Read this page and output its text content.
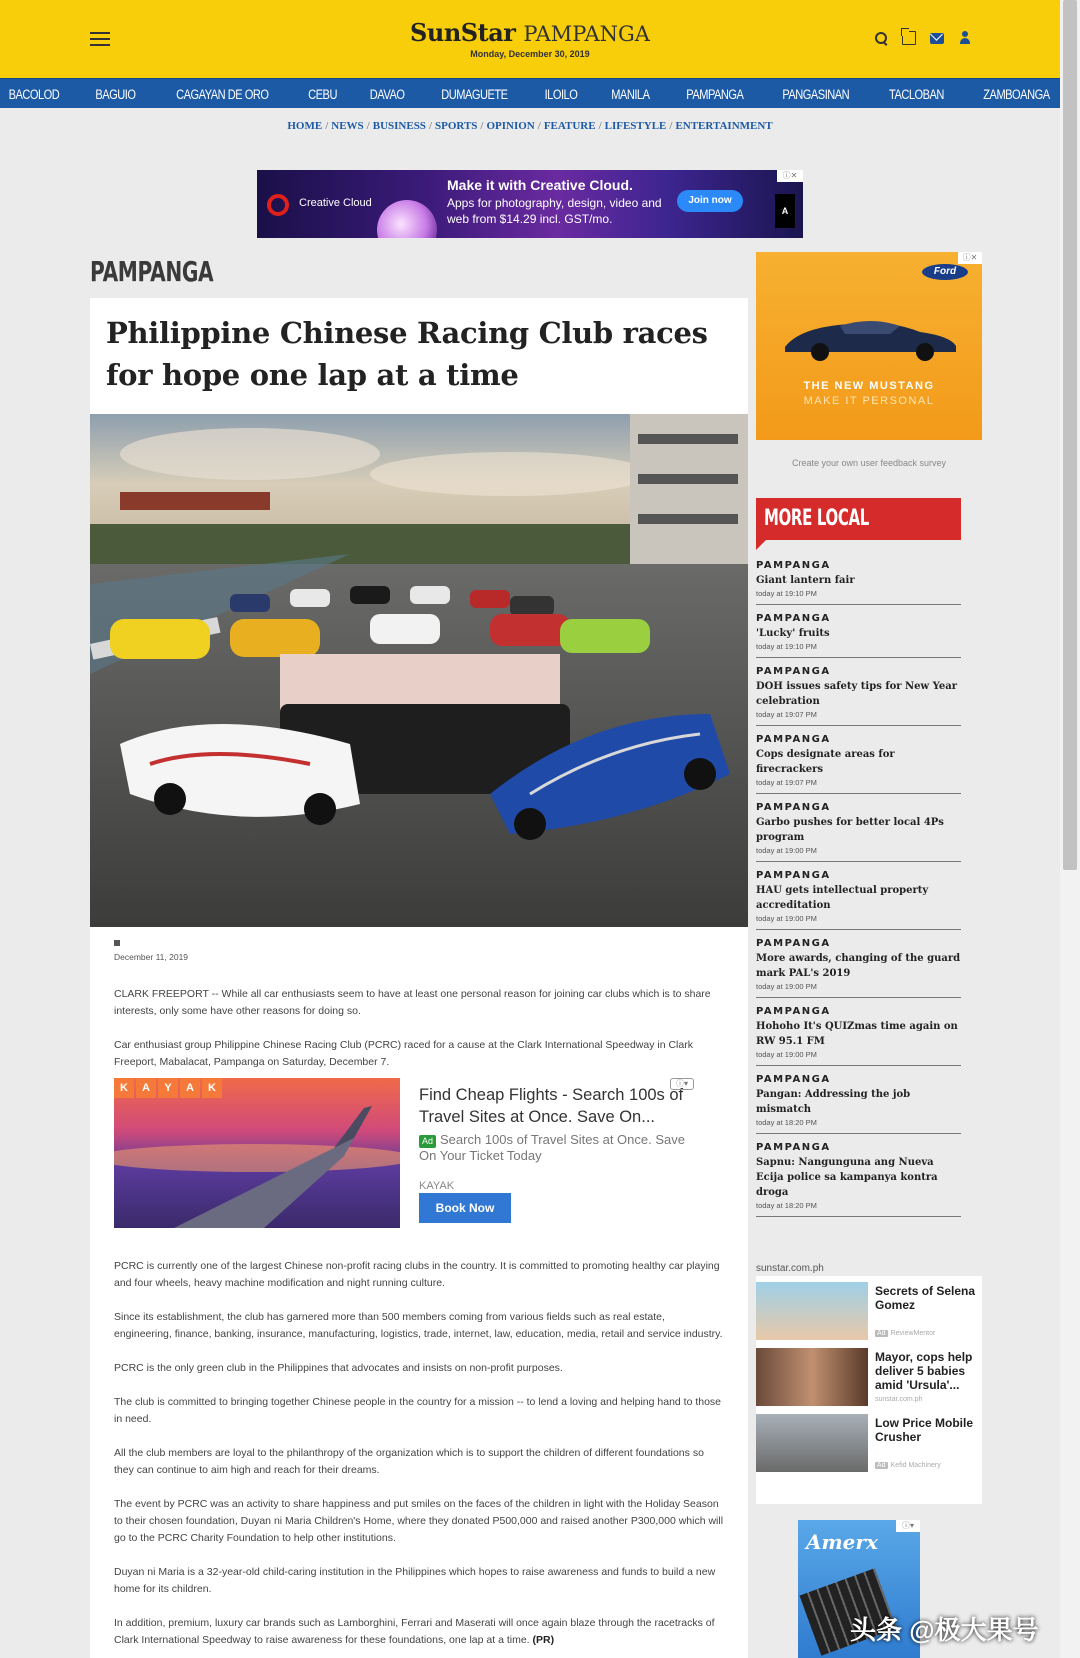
SunStar PAMPANGA
Monday, December 30, 2019
BACOLOD	BAGUIO	CAGAYAN DE ORO	CEBU	DAVAO	DUMAGUETE	ILOILO	MANILA	PAMPANGA	PANGASINAN	TACLOBAN	ZAMBOANGA
HOME / NEWS / BUSINESS / SPORTS / OPINION / FEATURE / LIFESTYLE / ENTERTAINMENT
Creative Cloud
Make it with Creative Cloud.
Apps for photography, design, video and web from $14.29 incl. GST/mo.
Join now
A
ⓘ✕
PAMPANGA
Philippine Chinese Racing Club races for hope one lap at a time
December 11, 2019

CLARK FREEPORT -- While all car enthusiasts seem to have at least one personal reason for joining car clubs which is to share interests, only some have other reasons for doing so.

Car enthusiast group Philippine Chinese Racing Club (PCRC) raced for a cause at the Clark International Speedway in Clark Freeport, Mabalacat, Pampanga on Saturday, December 7.

K	A	Y	A	K	Find Cheap Flights - Search 100s of Travel Sites at Once. Save On...
Ad Search 100s of Travel Sites at Once. Save On Your Ticket Today
KAYAK
Book Now
ⓘ▾

PCRC is currently one of the largest Chinese non-profit racing clubs in the country. It is committed to promoting healthy car playing and four wheels, heavy machine modification and night running culture.

Since its establishment, the club has garnered more than 500 members coming from various fields such as real estate, engineering, finance, banking, insurance, manufacturing, logistics, trade, internet, law, education, media, retail and service industry.

PCRC is the only green club in the Philippines that advocates and insists on non-profit purposes.

The club is committed to bringing together Chinese people in the country for a mission -- to lend a loving and helping hand to those in need.

All the club members are loyal to the philanthropy of the organization which is to support the children of different foundations so they can continue to aim high and reach for their dreams.

The event by PCRC was an activity to share happiness and put smiles on the faces of the children in light with the Holiday Season to their chosen foundation, Duyan ni Maria Children's Home, where they donated P500,000 and raised another P300,000 which will go to the PCRC Charity Foundation to help other institutions.

Duyan ni Maria is a 32-year-old child-caring institution in the Philippines which hopes to raise awareness and funds to build a new home for its children.

In addition, premium, luxury car brands such as Lamborghini, Ferrari and Maserati will once again blaze through the racetracks of Clark International Speedway to raise awareness for these foundations, one lap at a time. (PR)

Ford
THE NEW MUSTANG
MAKE IT PERSONAL
ⓘ✕
Create your own user feedback survey
MORE LOCAL
PAMPANGA
Giant lantern fair
today at 19:10 PM
PAMPANGA
'Lucky' fruits
today at 19:10 PM
PAMPANGA
DOH issues safety tips for New Year celebration
today at 19:07 PM
PAMPANGA
Cops designate areas for firecrackers
today at 19:07 PM
PAMPANGA
Garbo pushes for better local 4Ps program
today at 19:00 PM
PAMPANGA
HAU gets intellectual property accreditation
today at 19:00 PM
PAMPANGA
More awards, changing of the guard mark PAL's 2019
today at 19:00 PM
PAMPANGA
Hohoho It's QUIZmas time again on RW 95.1 FM
today at 19:00 PM
PAMPANGA
Pangan: Addressing the job mismatch
today at 18:20 PM
PAMPANGA
Sapnu: Nangunguna ang Nueva Ecija police sa kampanya kontra droga
today at 18:20 PM
sunstar.com.ph
Secrets of Selena Gomez
Ad ReviewMentor
Mayor, cops help deliver 5 babies amid 'Ursula'...
sunstar.com.ph
Low Price Mobile Crusher
Ad Kefid Machinery
Amerx
ⓘ▾
头条 @极大果号
